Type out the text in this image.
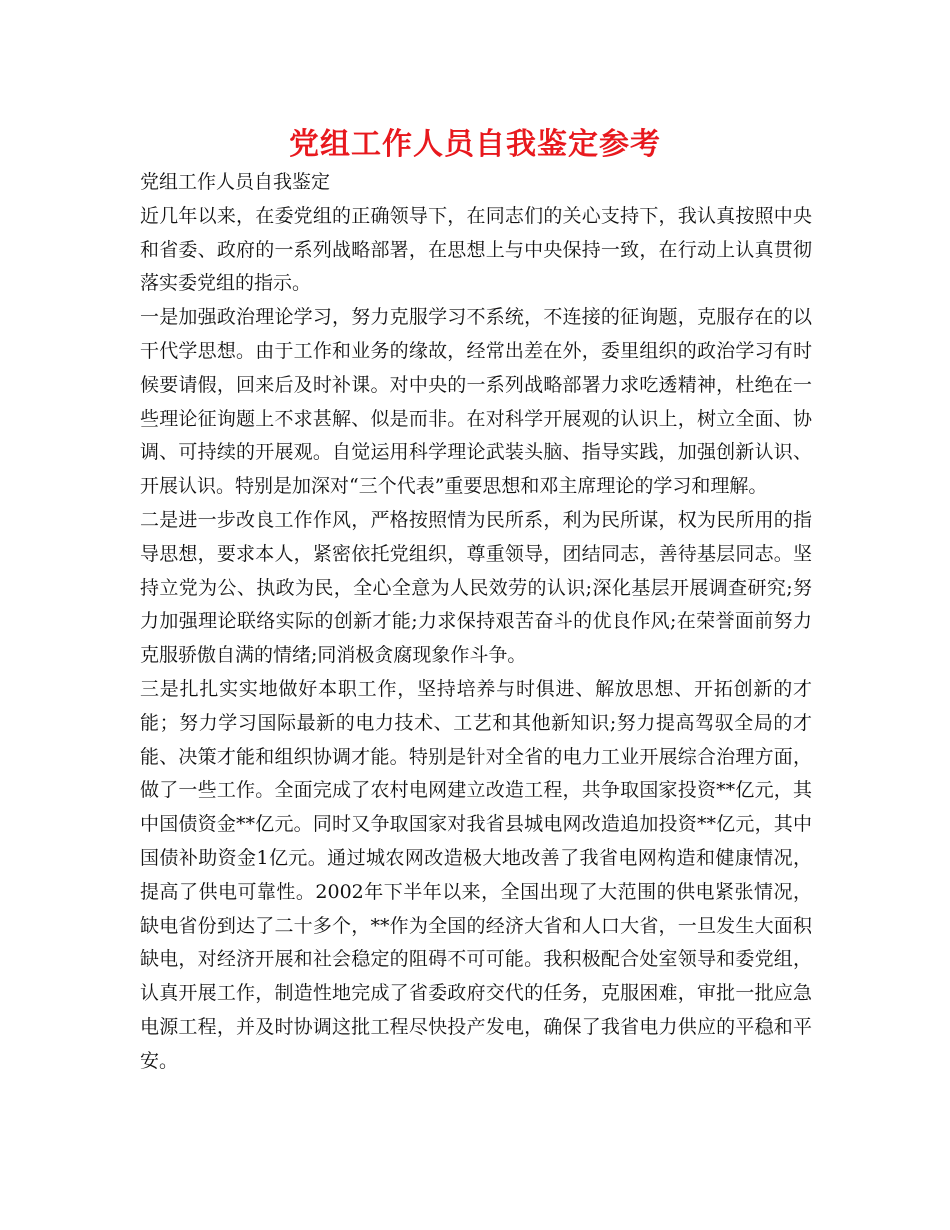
党组工作人员自我鉴定参考

党组工作人员自我鉴定

近几年以来，在委党组的正确领导下，在同志们的关心支持下，我认真按照中央和省委、政府的一系列战略部署，在思想上与中央保持一致，在行动上认真贯彻落实委党组的指示。

一是加强政治理论学习，努力克服学习不系统，不连接的征询题，克服存在的以干代学思想。由于工作和业务的缘故，经常出差在外，委里组织的政治学习有时候要请假，回来后及时补课。对中央的一系列战略部署力求吃透精神，杜绝在一些理论征询题上不求甚解、似是而非。在对科学开展观的认识上，树立全面、协调、可持续的开展观。自觉运用科学理论武装头脑、指导实践，加强创新认识、开展认识。特别是加深对“三个代表”重要思想和邓主席理论的学习和理解。

二是进一步改良工作作风，严格按照情为民所系，利为民所谋，权为民所用的指导思想，要求本人，紧密依托党组织，尊重领导，团结同志，善待基层同志。坚持立党为公、执政为民，全心全意为人民效劳的认识;深化基层开展调查研究;努力加强理论联络实际的创新才能;力求保持艰苦奋斗的优良作风;在荣誉面前努力克服骄傲自满的情绪;同消极贪腐现象作斗争。

三是扎扎实实地做好本职工作，坚持培养与时俱进、解放思想、开拓创新的才能；努力学习国际最新的电力技术、工艺和其他新知识;努力提高驾驭全局的才能、决策才能和组织协调才能。特别是针对全省的电力工业开展综合治理方面，做了一些工作。全面完成了农村电网建立改造工程，共争取国家投资**亿元，其中国债资金**亿元。同时又争取国家对我省县城电网改造追加投资**亿元，其中国债补助资金1亿元。通过城农网改造极大地改善了我省电网构造和健康情况，提高了供电可靠性。2002年下半年以来，全国出现了大范围的供电紧张情况，缺电省份到达了二十多个，**作为全国的经济大省和人口大省，一旦发生大面积缺电，对经济开展和社会稳定的阻碍不可可能。我积极配合处室领导和委党组，认真开展工作，制造性地完成了省委政府交代的任务，克服困难，审批一批应急电源工程，并及时协调这批工程尽快投产发电，确保了我省电力供应的平稳和平安。
